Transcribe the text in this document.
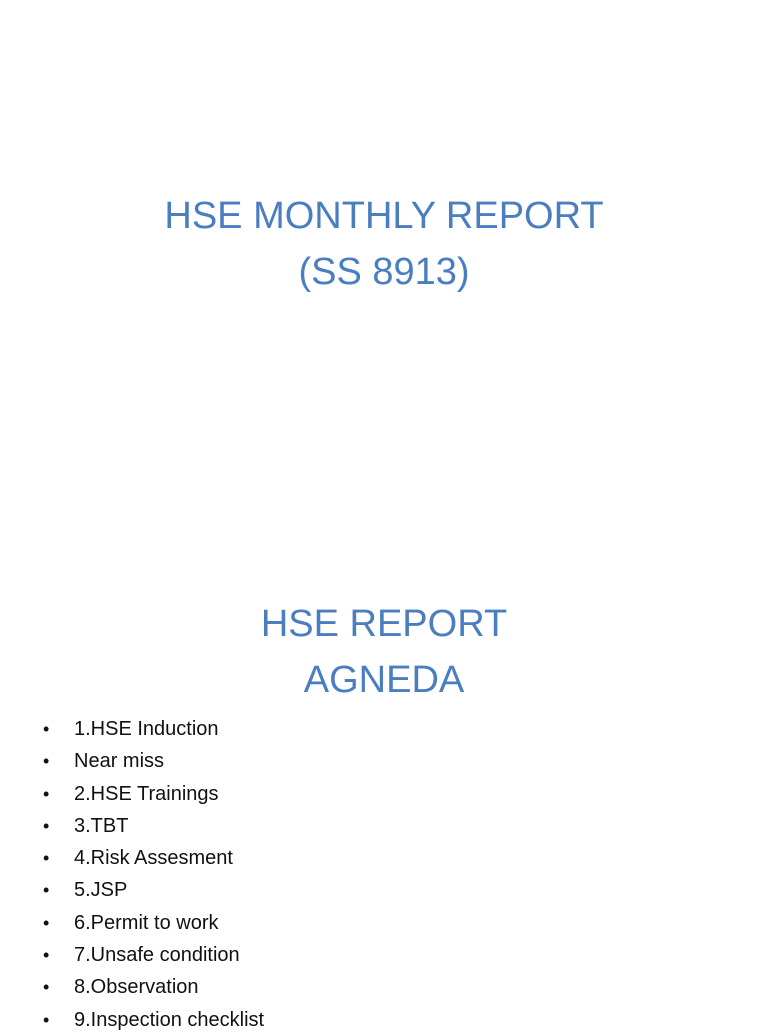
HSE MONTHLY REPORT
(SS 8913)
HSE REPORT
AGNEDA
• 1.HSE Induction
• Near miss
• 2.HSE Trainings
• 3.TBT
• 4.Risk Assesment
• 5.JSP
• 6.Permit to work
• 7.Unsafe condition
• 8.Observation
• 9.Inspection checklist
